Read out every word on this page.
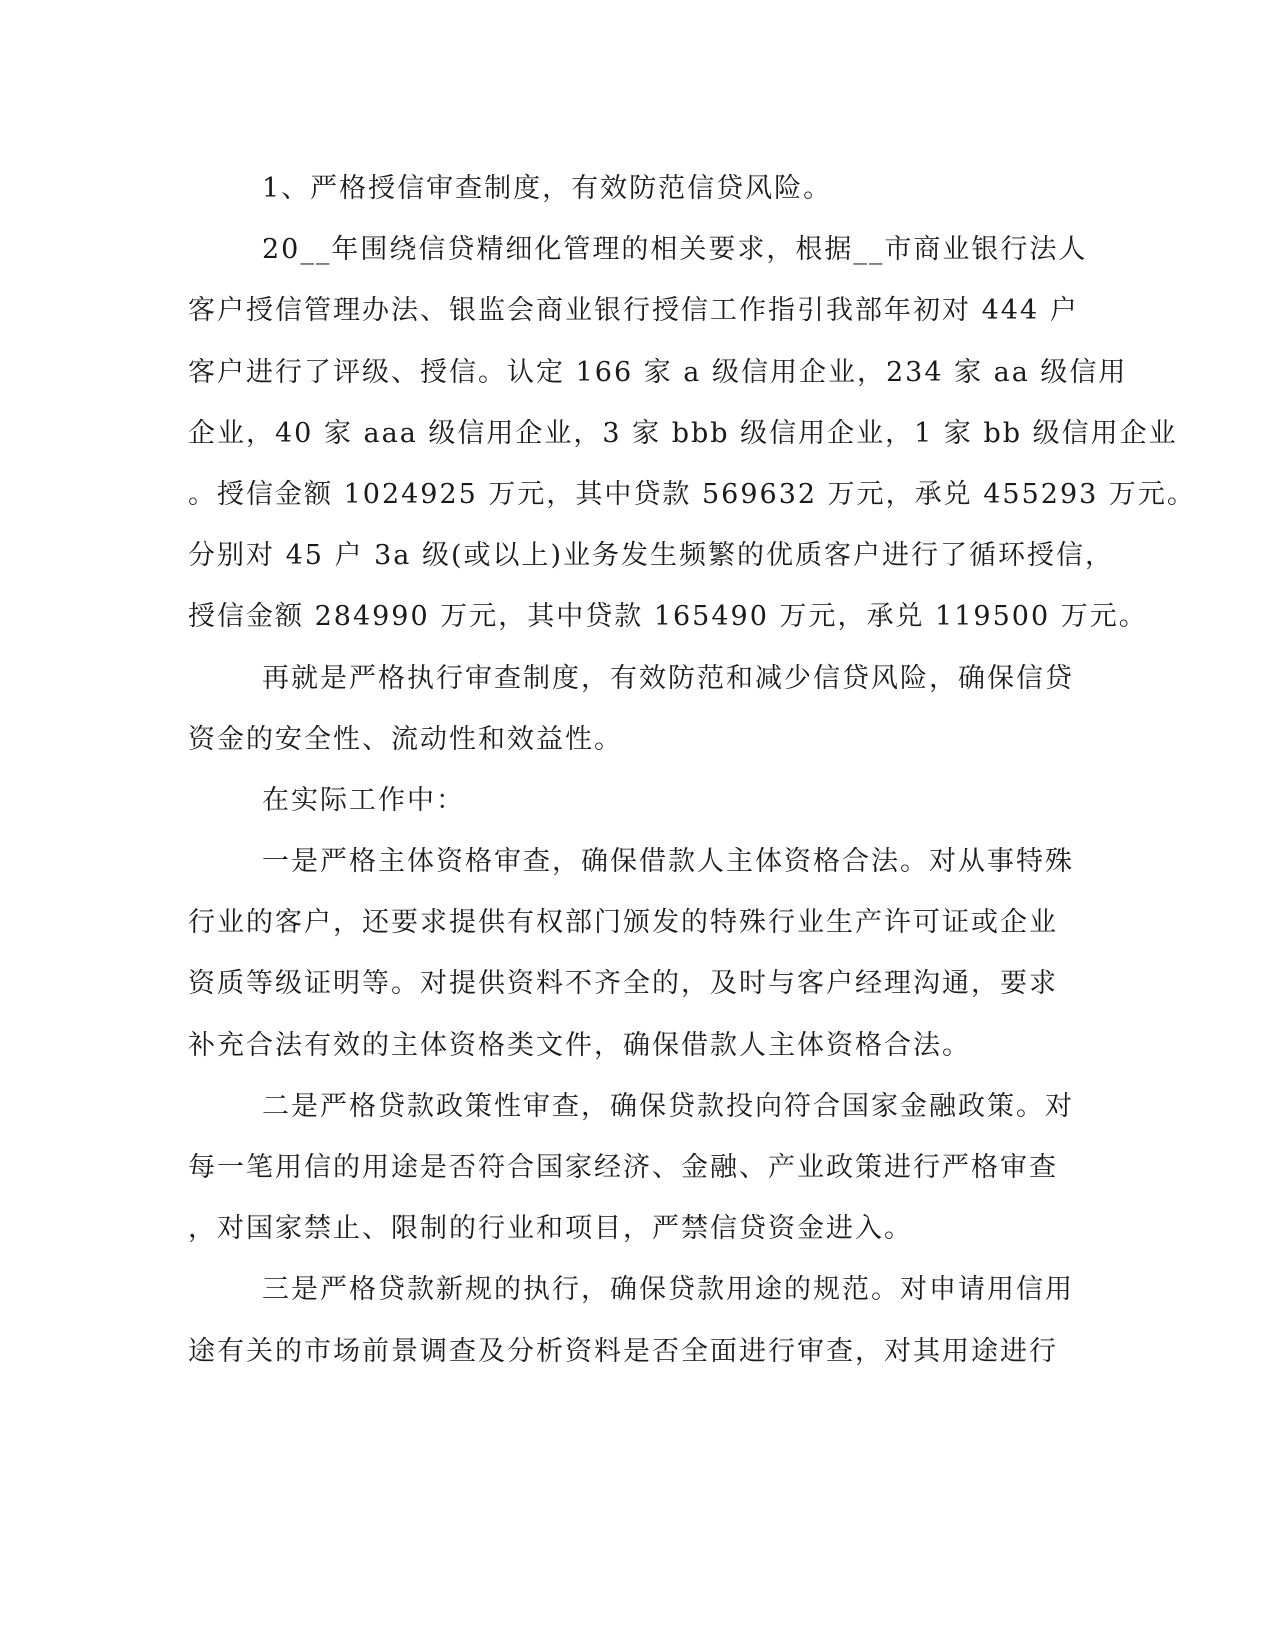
1、严格授信审查制度，有效防范信贷风险。
20__年围绕信贷精细化管理的相关要求，根据__市商业银行法人
客户授信管理办法、银监会商业银行授信工作指引我部年初对 444 户
客户进行了评级、授信。认定 166 家 a 级信用企业，234 家 aa 级信用
企业，40 家 aaa 级信用企业，3 家 bbb 级信用企业，1 家 bb 级信用企业
。授信金额 1024925 万元，其中贷款 569632 万元，承兑 455293 万元。
分别对 45 户 3a 级(或以上)业务发生频繁的优质客户进行了循环授信，
授信金额 284990 万元，其中贷款 165490 万元，承兑 119500 万元。
再就是严格执行审查制度，有效防范和减少信贷风险，确保信贷
资金的安全性、流动性和效益性。
在实际工作中：
一是严格主体资格审查，确保借款人主体资格合法。对从事特殊
行业的客户，还要求提供有权部门颁发的特殊行业生产许可证或企业
资质等级证明等。对提供资料不齐全的，及时与客户经理沟通，要求
补充合法有效的主体资格类文件，确保借款人主体资格合法。
二是严格贷款政策性审查，确保贷款投向符合国家金融政策。对
每一笔用信的用途是否符合国家经济、金融、产业政策进行严格审查
，对国家禁止、限制的行业和项目，严禁信贷资金进入。
三是严格贷款新规的执行，确保贷款用途的规范。对申请用信用
途有关的市场前景调查及分析资料是否全面进行审查，对其用途进行
